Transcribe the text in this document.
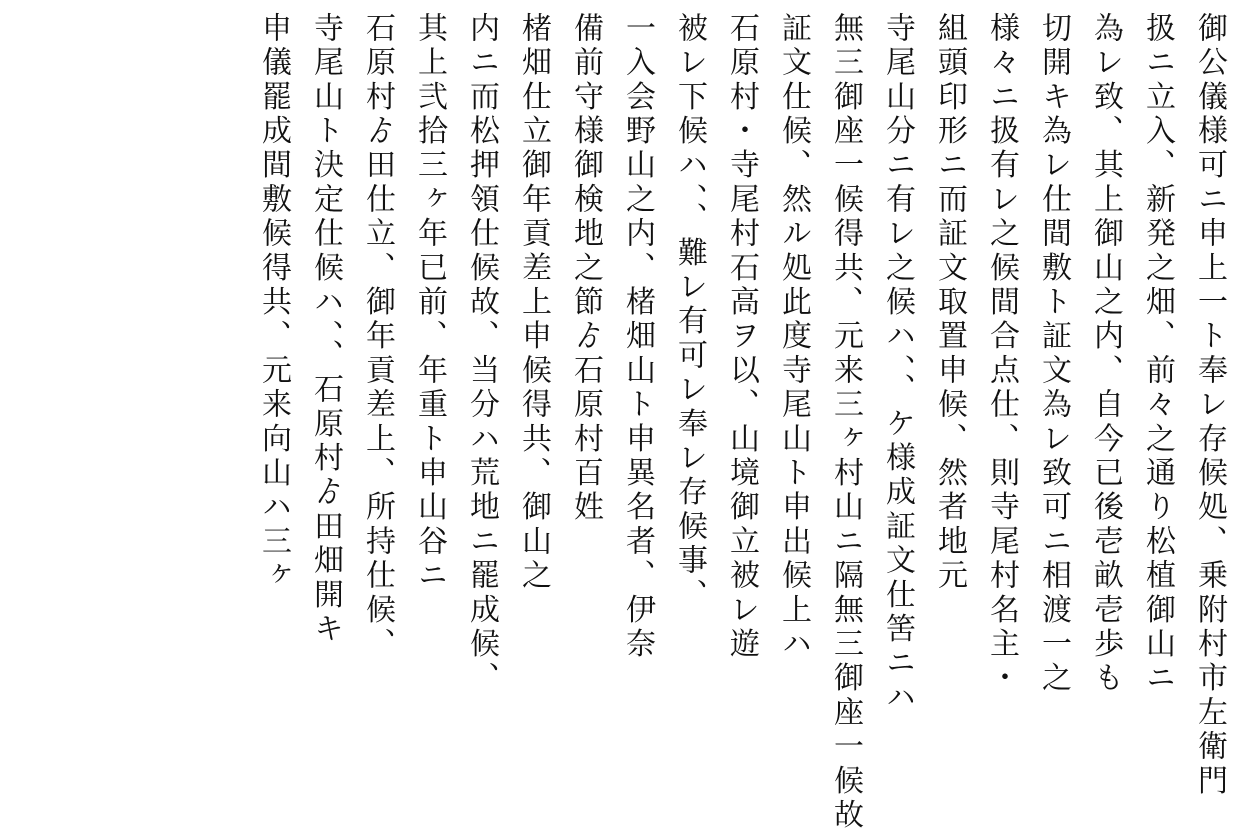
御公儀様可ニ申上一ト奉レ存候処、乗附村市左衛門
扱ニ立入、新発之畑、前々之通り松植御山ニ
為レ致、其上御山之内、自今已後壱畝壱歩も
切開キ為レ仕間敷ト証文為レ致可ニ相渡一之
様々ニ扱有レ之候間合点仕、則寺尾村名主・
組頭印形ニ而証文取置申候、然者地元
寺尾山分ニ有レ之候ハ、、ケ様成証文仕筈ニハ
無三御座一候得共、元来三ヶ村山ニ隔無三御座一候故
証文仕候、然ル処此度寺尾山ト申出候上ハ
石原村・寺尾村石高ヲ以、山境御立被レ遊
被レ下候ハ、、難レ有可レ奉レ存候事、
一入会野山之内、楮畑山ト申異名者、伊奈
備前守様御検地之節ゟ石原村百姓
楮畑仕立御年貢差上申候得共、御山之
内ニ而松押領仕候故、当分ハ荒地ニ罷成候、
其上弐拾三ヶ年已前、年重ト申山谷ニ
石原村ゟ田仕立、御年貢差上、所持仕候、
寺尾山ト決定仕候ハ、、石原村ゟ田畑開キ
申儀罷成間敷候得共、元来向山ハ三ヶ
